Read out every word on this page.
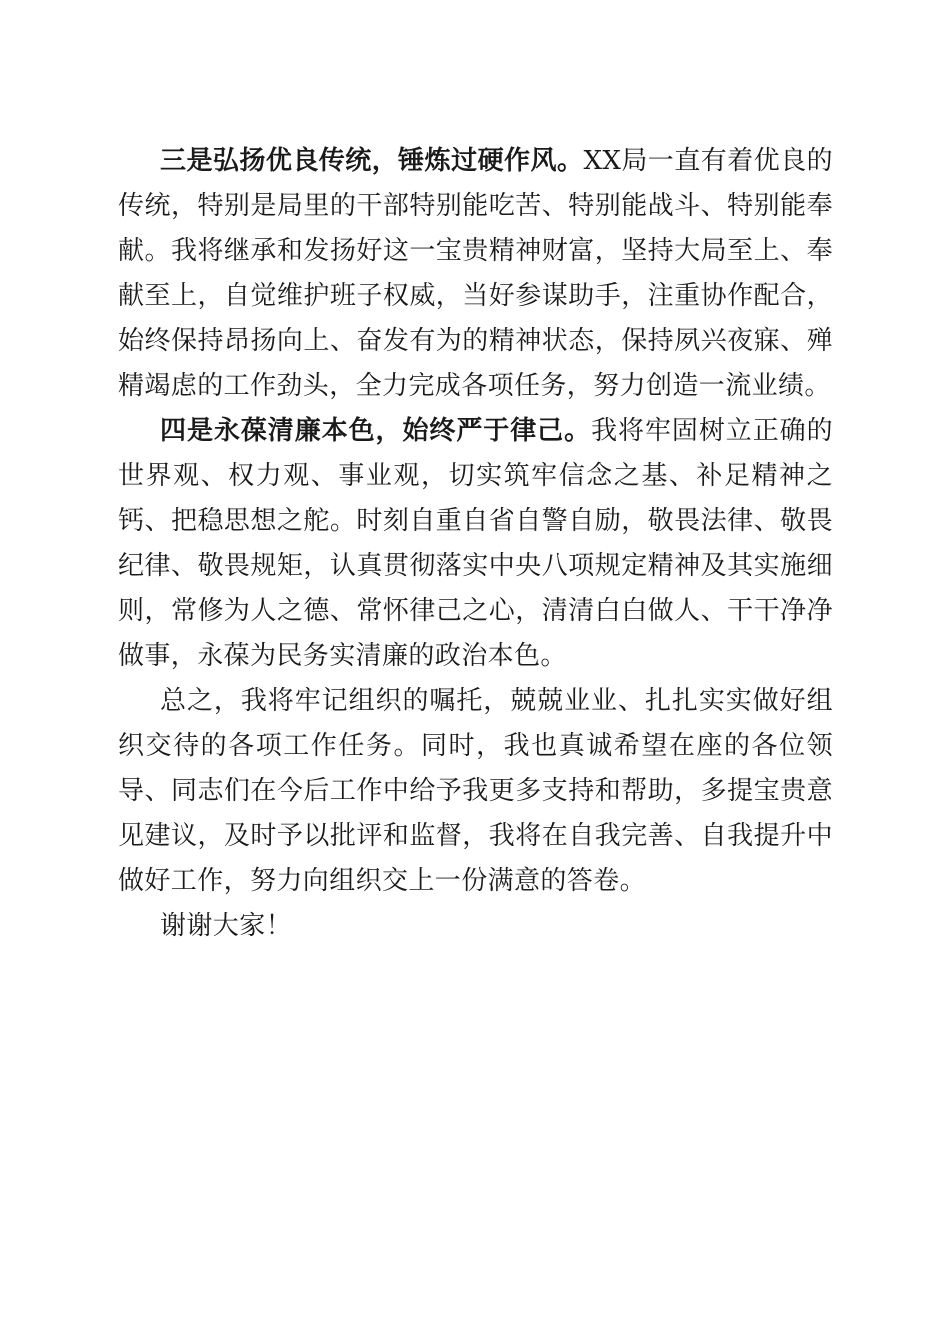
三是弘扬优良传统，锤炼过硬作风。XX局一直有着优良的传统，特别是局里的干部特别能吃苦、特别能战斗、特别能奉献。我将继承和发扬好这一宝贵精神财富，坚持大局至上、奉献至上，自觉维护班子权威，当好参谋助手，注重协作配合，始终保持昂扬向上、奋发有为的精神状态，保持夙兴夜寐、殚精竭虑的工作劲头，全力完成各项任务，努力创造一流业绩。

四是永葆清廉本色，始终严于律己。我将牢固树立正确的世界观、权力观、事业观，切实筑牢信念之基、补足精神之钙、把稳思想之舵。时刻自重自省自警自励，敬畏法律、敬畏纪律、敬畏规矩，认真贯彻落实中央八项规定精神及其实施细则，常修为人之德、常怀律己之心，清清白白做人、干干净净做事，永葆为民务实清廉的政治本色。

总之，我将牢记组织的嘱托，兢兢业业、扎扎实实做好组织交待的各项工作任务。同时，我也真诚希望在座的各位领导、同志们在今后工作中给予我更多支持和帮助，多提宝贵意见建议，及时予以批评和监督，我将在自我完善、自我提升中做好工作，努力向组织交上一份满意的答卷。

谢谢大家！
